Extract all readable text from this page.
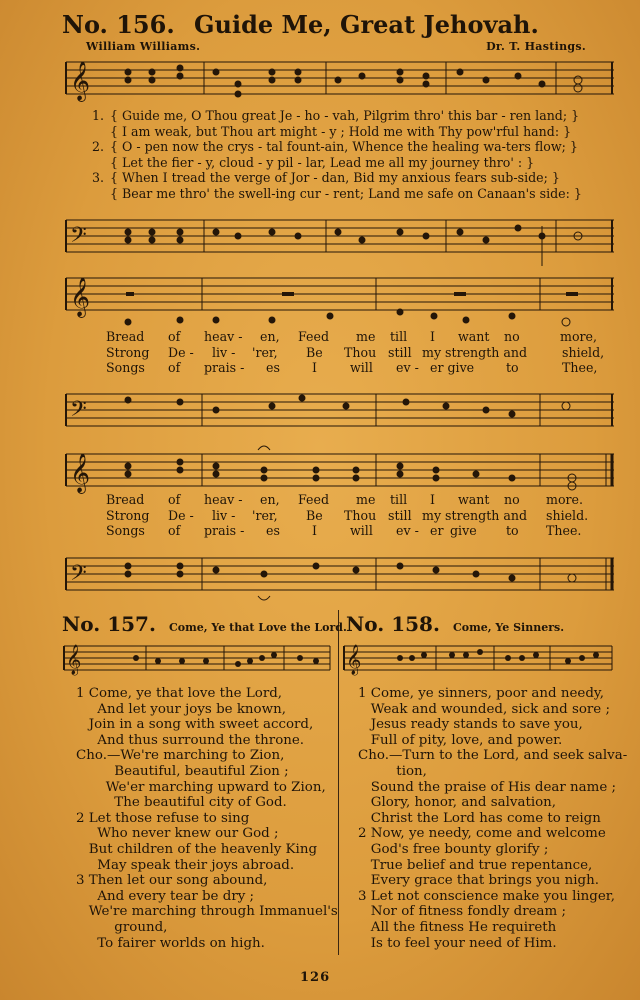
No. 156. Guide Me, Great Jehovah.
William Williams.	Dr. T. Hastings.
𝄞
1. { Guide me, O Thou great Je - ho - vah, Pilgrim thro' this bar - ren land; }
{ I am weak, but Thou art might - y ; Hold me with Thy pow'rful hand: }
2. { O - pen now the crys - tal fount-ain, Whence the healing wa-ters flow; }
{ Let the fier - y, cloud - y pil - lar, Lead me all my journey thro' : }
3. { When I tread the verge of Jor - dan, Bid my anxious fears sub-side; }
{ Bear me thro' the swell-ing cur - rent; Land me safe on Canaan's side: }
𝄢
𝄞
Bread of heav - en, Feed me till I want no	more,
Strong De - liv - 'rer, Be Thou still my strength and	shield,
Songs of prais - es	I	will ev - er give	to	Thee,
𝄢
𝄞
Bread of heav - en, Feed me till I want no more.
Strong De - liv - 'rer, Be Thou still my strength and shield.
Songs of prais - es	I	will ev - er give to Thee.
𝄢
No. 157. Come, Ye that Love the Lord.
𝄞
1 Come, ye that love the Lord,
And let your joys be known,
Join in a song with sweet accord,
And thus surround the throne.
Cho.—We're marching to Zion,
Beautiful, beautiful Zion ;
We'er marching upward to Zion,
The beautiful city of God.
2 Let those refuse to sing
Who never knew our God ;
But children of the heavenly King
May speak their joys abroad.
3 Then let our song abound,
And every tear be dry ;
We're marching through Immanuel's
ground,
To fairer worlds on high.
No. 158. Come, Ye Sinners.
𝄞
1 Come, ye sinners, poor and needy,
Weak and wounded, sick and sore ;
Jesus ready stands to save you,
Full of pity, love, and power.
Cho.—Turn to the Lord, and seek salva-
tion,
Sound the praise of His dear name ;
Glory, honor, and salvation,
Christ the Lord has come to reign
2 Now, ye needy, come and welcome
God's free bounty glorify ;
True belief and true repentance,
Every grace that brings you nigh.
3 Let not conscience make you linger,
Nor of fitness fondly dream ;
All the fitness He requireth
Is to feel your need of Him.
126
